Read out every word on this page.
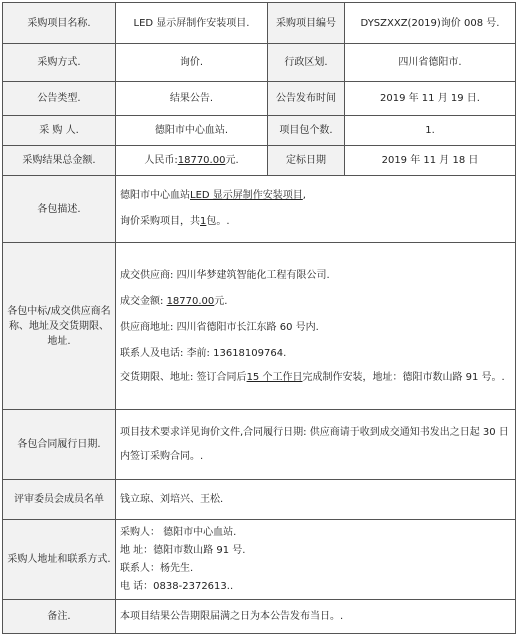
采购项目名称.	LED 显示屏制作安装项目.	采购项目编号	DYSZXXZ(2019)询价 008 号.
采购方式.	询价.	行政区划.	四川省德阳市.
公告类型.	结果公告.	公告发布时间	2019 年 11 月 19 日.
采 购 人.	德阳市中心血站.	项目包个数.	1.
采购结果总金额.	人民币:18770.00元.	定标日期	2019 年 11 月 18 日
各包描述.	德阳市中心血站LED 显示屏制作安装项目,
询价采购项目，共1包。.		

各包中标/成交供应商名称、地址及交货期限、地址.	成交供应商: 四川华梦建筑智能化工程有限公司.
成交金额: 18770.00元.
供应商地址: 四川省德阳市长江东路 60 号内.
联系人及电话: 李前: 13618109764.
交货期限、地址: 签订合同后15 个工作日完成制作安装，地址：德阳市数山路 91 号。.		

各包合同履行日期.	项目技术要求详见询价文件,合同履行日期: 供应商请于收到成交通知书发出之日起 30 日内签订采购合同。.		

评审委员会成员名单	钱立琼、刘培兴、王松.		

采购人地址和联系方式.	采购人： 德阳市中心血站.
地 址：德阳市数山路 91 号.
联系人：杨先生.
电 话：0838-2372613..		

备注.	本项目结果公告期限届满之日为本公告发布当日。.		
